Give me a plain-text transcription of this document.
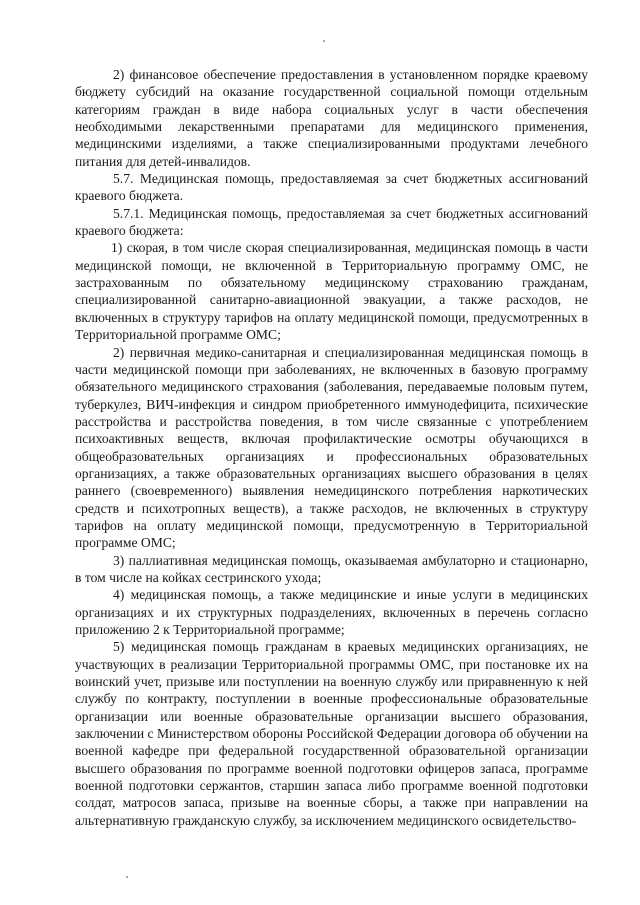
2) финансовое обеспечение предоставления в установленном порядке краевому бюджету субсидий на оказание государственной социальной помощи отдельным категориям граждан в виде набора социальных услуг в части обеспечения необходимыми лекарственными препаратами для медицинского применения, медицинскими изделиями, а также специализированными продуктами лечебного питания для детей-инвалидов.

5.7. Медицинская помощь, предоставляемая за счет бюджетных ассигнований краевого бюджета.

5.7.1. Медицинская помощь, предоставляемая за счет бюджетных ассигнований краевого бюджета:

1) скорая, в том числе скорая специализированная, медицинская помощь в части медицинской помощи, не включенной в Территориальную программу ОМС, не застрахованным по обязательному медицинскому страхованию гражданам, специализированной санитарно-авиационной эвакуации, а также расходов, не включенных в структуру тарифов на оплату медицинской помощи, предусмотренных в Территориальной программе ОМС;

2) первичная медико-санитарная и специализированная медицинская помощь в части медицинской помощи при заболеваниях, не включенных в базовую программу обязательного медицинского страхования (заболевания, передаваемые половым путем, туберкулез, ВИЧ-инфекция и синдром приобретенного иммунодефицита, психические расстройства и расстройства поведения, в том числе связанные с употреблением психоактивных веществ, включая профилактические осмотры обучающихся в общеобразовательных организациях и профессиональных образовательных организациях, а также образовательных организациях высшего образования в целях раннего (своевременного) выявления немедицинского потребления наркотических средств и психотропных веществ), а также расходов, не включенных в структуру тарифов на оплату медицинской помощи, предусмотренную в Территориальной программе ОМС;

3) паллиативная медицинская помощь, оказываемая амбулаторно и стационарно, в том числе на койках сестринского ухода;

4) медицинская помощь, а также медицинские и иные услуги в медицинских организациях и их структурных подразделениях, включенных в перечень согласно приложению 2 к Территориальной программе;

5) медицинская помощь гражданам в краевых медицинских организациях, не участвующих в реализации Территориальной программы ОМС, при постановке их на воинский учет, призыве или поступлении на военную службу или приравненную к ней службу по контракту, поступлении в военные профессиональные образовательные организации или военные образовательные организации высшего образования, заключении с Министерством обороны Российской Федерации договора об обучении на военной кафедре при федеральной государственной образовательной организации высшего образования по программе военной подготовки офицеров запаса, программе военной подготовки сержантов, старшин запаса либо программе военной подготовки солдат, матросов запаса, призыве на военные сборы, а также при направлении на альтернативную гражданскую службу, за исключением медицинского освидетельство-
